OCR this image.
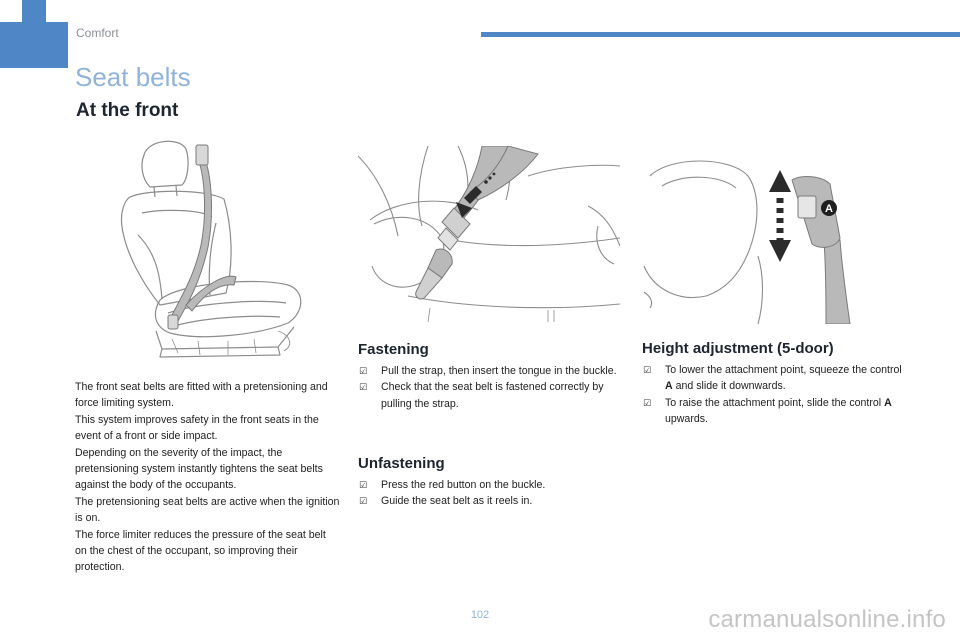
Comfort
Seat belts
At the front

The front seat belts are fitted with a pretensioning and force limiting system.

This system improves safety in the front seats in the event of a front or side impact.

Depending on the severity of the impact, the pretensioning system instantly tightens the seat belts against the body of the occupants.

The pretensioning seat belts are active when the ignition is on.

The force limiter reduces the pressure of the seat belt on the chest of the occupant, so improving their protection.

Fastening
☑ Pull the strap, then insert the tongue in the buckle.
☑ Check that the seat belt is fastened correctly by pulling the strap.
Unfastening
☑ Press the red button on the buckle.
☑ Guide the seat belt as it reels in.
A
Height adjustment (5-door)
☑ To lower the attachment point, squeeze the control A and slide it downwards.
☑ To raise the attachment point, slide the control A upwards.
102	carmanualsonline.info
